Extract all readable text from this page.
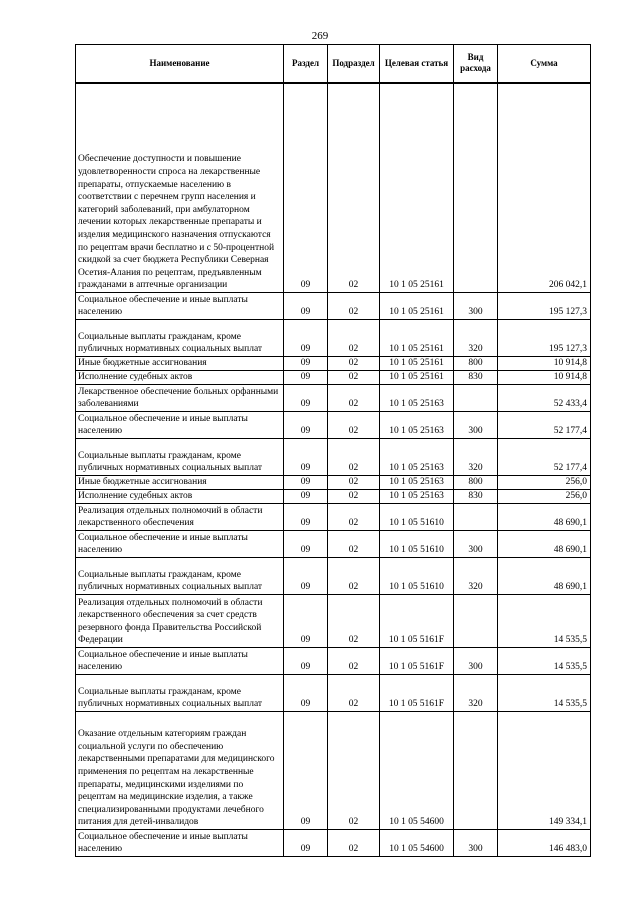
269
Наименование	Раздел	Подраздел	Целевая статья	Вид расхода	Сумма
Обеспечение доступности и повышение удовлетворенности спроса на лекарственные препараты, отпускаемые населению в соответствии с перечнем групп населения и категорий заболеваний, при амбулаторном лечении которых лекарственные препараты и изделия медицинского назначения отпускаются по рецептам врачи бесплатно и с 50-процентной скидкой за счет бюджета Республики Северная Осетия-Алания по рецептам, предъявленным гражданами в аптечные организации	09	02	10 1 05 25161		206 042,1
Социальное обеспечение и иные выплаты населению	09	02	10 1 05 25161	300	195 127,3
Социальные выплаты гражданам, кроме публичных нормативных социальных выплат	09	02	10 1 05 25161	320	195 127,3
Иные бюджетные ассигнования	09	02	10 1 05 25161	800	10 914,8
Исполнение судебных актов	09	02	10 1 05 25161	830	10 914,8
Лекарственное обеспечение больных орфанными заболеваниями	09	02	10 1 05 25163		52 433,4
Социальное обеспечение и иные выплаты населению	09	02	10 1 05 25163	300	52 177,4
Социальные выплаты гражданам, кроме публичных нормативных социальных выплат	09	02	10 1 05 25163	320	52 177,4
Иные бюджетные ассигнования	09	02	10 1 05 25163	800	256,0
Исполнение судебных актов	09	02	10 1 05 25163	830	256,0
Реализация отдельных полномочий в области лекарственного обеспечения	09	02	10 1 05 51610		48 690,1
Социальное обеспечение и иные выплаты населению	09	02	10 1 05 51610	300	48 690,1
Социальные выплаты гражданам, кроме публичных нормативных социальных выплат	09	02	10 1 05 51610	320	48 690,1
Реализация отдельных полномочий в области лекарственного обеспечения за счет средств резервного фонда Правительства Российской Федерации	09	02	10 1 05 5161F		14 535,5
Социальное обеспечение и иные выплаты населению	09	02	10 1 05 5161F	300	14 535,5
Социальные выплаты гражданам, кроме публичных нормативных социальных выплат	09	02	10 1 05 5161F	320	14 535,5
Оказание отдельным категориям граждан социальной услуги по обеспечению лекарственными препаратами для медицинского применения по рецептам на лекарственные препараты, медицинскими изделиями по рецептам на медицинские изделия, а также специализированными продуктами лечебного питания для детей-инвалидов	09	02	10 1 05 54600		149 334,1
Социальное обеспечение и иные выплаты населению	09	02	10 1 05 54600	300	146 483,0
